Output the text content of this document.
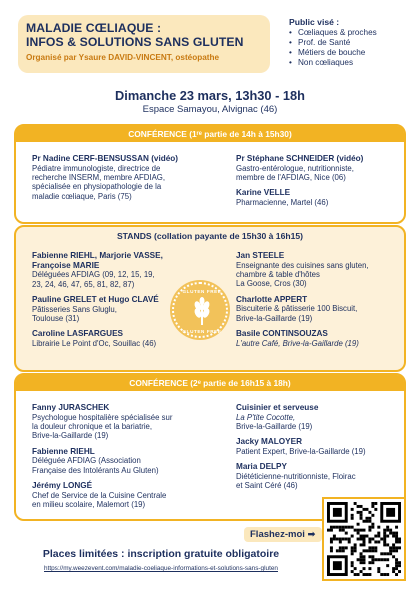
MALADIE CŒLIAQUE :
INFOS & SOLUTIONS SANS GLUTEN
Organisé par Ysaure DAVID-VINCENT, ostéopathe
Public visé :
• Cœliaques & proches
• Prof. de Santé
• Métiers de bouche
• Non cœliaques
Dimanche 23 mars, 13h30 - 18h
Espace Samayou, Alvignac (46)
CONFÉRENCE (1ʳᵉ partie de 14h à 15h30)
Pr Nadine CERF-BENSUSSAN (vidéo)
Pédiatre immunologiste, directrice de
recherche INSERM, membre AFDIAG,
spécialisée en physiopathologie de la
maladie cœliaque, Paris (75)
Pr Stéphane SCHNEIDER (vidéo)
Gastro-entérologue, nutritionniste,
membre de l'AFDIAG, Nice (06)
Karine VELLE
Pharmacienne, Martel (46)
STANDS (collation payante de 15h30 à 16h15)
Fabienne RIEHL, Marjorie VASSE,
Françoise MARIE
Déléguées AFDIAG (09, 12, 15, 19,
23, 24, 46, 47, 65, 81, 82, 87)
Pauline GRELET et Hugo CLAVÉ
Pâtisseries Sans Gluglu,
Toulouse (31)
Caroline LASFARGUES
Librairie Le Point d'Oc, Souillac (46)
Jan STEELE
Enseignante des cuisines sans gluten,
chambre & table d'hôtes
La Goose, Cros (30)
Charlotte APPERT
Biscuiterie & pâtisserie 100 Biscuit,
Brive-la-Gaillarde (19)
Basile CONTINSOUZAS
L'autre Café, Brive-la-Gaillarde (19)
GLUTEN FREE
GLUTEN FREE
CONFÉRENCE (2ᵉ partie de 16h15 à 18h)
Fanny JURASCHEK
Psychologue hospitalière spécialisée sur
la douleur chronique et la bariatrie,
Brive-la-Gaillarde (19)
Fabienne RIEHL
Déléguée AFDIAG (Association
Française des Intolérants Au Gluten)
Jérémy LONGÉ
Chef de Service de la Cuisine Centrale
en milieu scolaire, Malemort (19)
Cuisinier et serveuse
La P'tite Cocotte,
Brive-la-Gaillarde (19)
Jacky MALOYER
Patient Expert, Brive-la-Gaillarde (19)
Maria DELPY
Diététicienne-nutritionniste, Floirac
et Saint Céré (46)
Flashez-moi ➡
Places limitées : inscription gratuite obligatoire
https://my.weezevent.com/maladie-coeliaque-informations-et-solutions-sans-gluten
